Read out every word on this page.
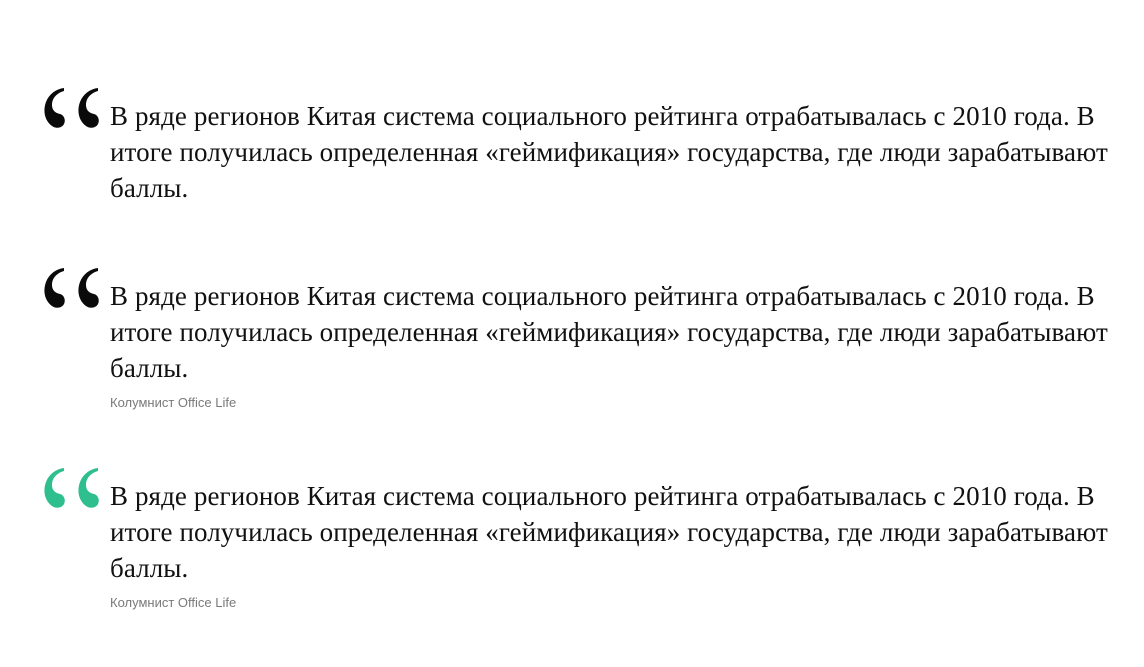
В ряде регионов Китая система социального рейтинга отрабатывалась с 2010 года. В итоге получилась определенная «геймификация» государства, где люди зарабатывают баллы.
В ряде регионов Китая система социального рейтинга отрабатывалась с 2010 года. В итоге получилась определенная «геймификация» государства, где люди зарабатывают баллы.
Колумнист Office Life
В ряде регионов Китая система социального рейтинга отрабатывалась с 2010 года. В итоге получилась определенная «геймификация» государства, где люди зарабатывают баллы.
Колумнист Office Life
